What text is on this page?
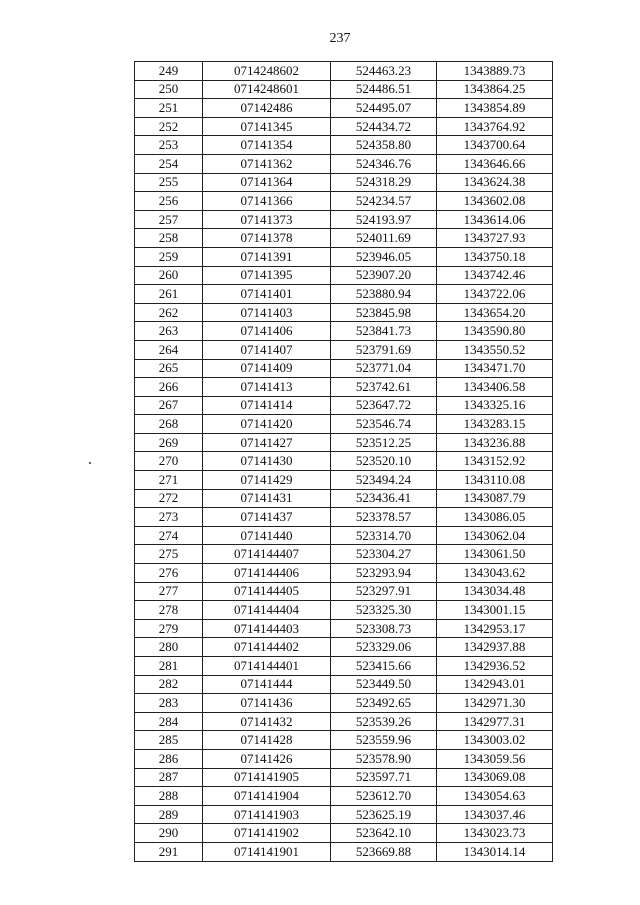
237
249	0714248602	524463.23	1343889.73
250	0714248601	524486.51	1343864.25
251	07142486	524495.07	1343854.89
252	07141345	524434.72	1343764.92
253	07141354	524358.80	1343700.64
254	07141362	524346.76	1343646.66
255	07141364	524318.29	1343624.38
256	07141366	524234.57	1343602.08
257	07141373	524193.97	1343614.06
258	07141378	524011.69	1343727.93
259	07141391	523946.05	1343750.18
260	07141395	523907.20	1343742.46
261	07141401	523880.94	1343722.06
262	07141403	523845.98	1343654.20
263	07141406	523841.73	1343590.80
264	07141407	523791.69	1343550.52
265	07141409	523771.04	1343471.70
266	07141413	523742.61	1343406.58
267	07141414	523647.72	1343325.16
268	07141420	523546.74	1343283.15
269	07141427	523512.25	1343236.88
270	07141430	523520.10	1343152.92
271	07141429	523494.24	1343110.08
272	07141431	523436.41	1343087.79
273	07141437	523378.57	1343086.05
274	07141440	523314.70	1343062.04
275	0714144407	523304.27	1343061.50
276	0714144406	523293.94	1343043.62
277	0714144405	523297.91	1343034.48
278	0714144404	523325.30	1343001.15
279	0714144403	523308.73	1342953.17
280	0714144402	523329.06	1342937.88
281	0714144401	523415.66	1342936.52
282	07141444	523449.50	1342943.01
283	07141436	523492.65	1342971.30
284	07141432	523539.26	1342977.31
285	07141428	523559.96	1343003.02
286	07141426	523578.90	1343059.56
287	0714141905	523597.71	1343069.08
288	0714141904	523612.70	1343054.63
289	0714141903	523625.19	1343037.46
290	0714141902	523642.10	1343023.73
291	0714141901	523669.88	1343014.14
